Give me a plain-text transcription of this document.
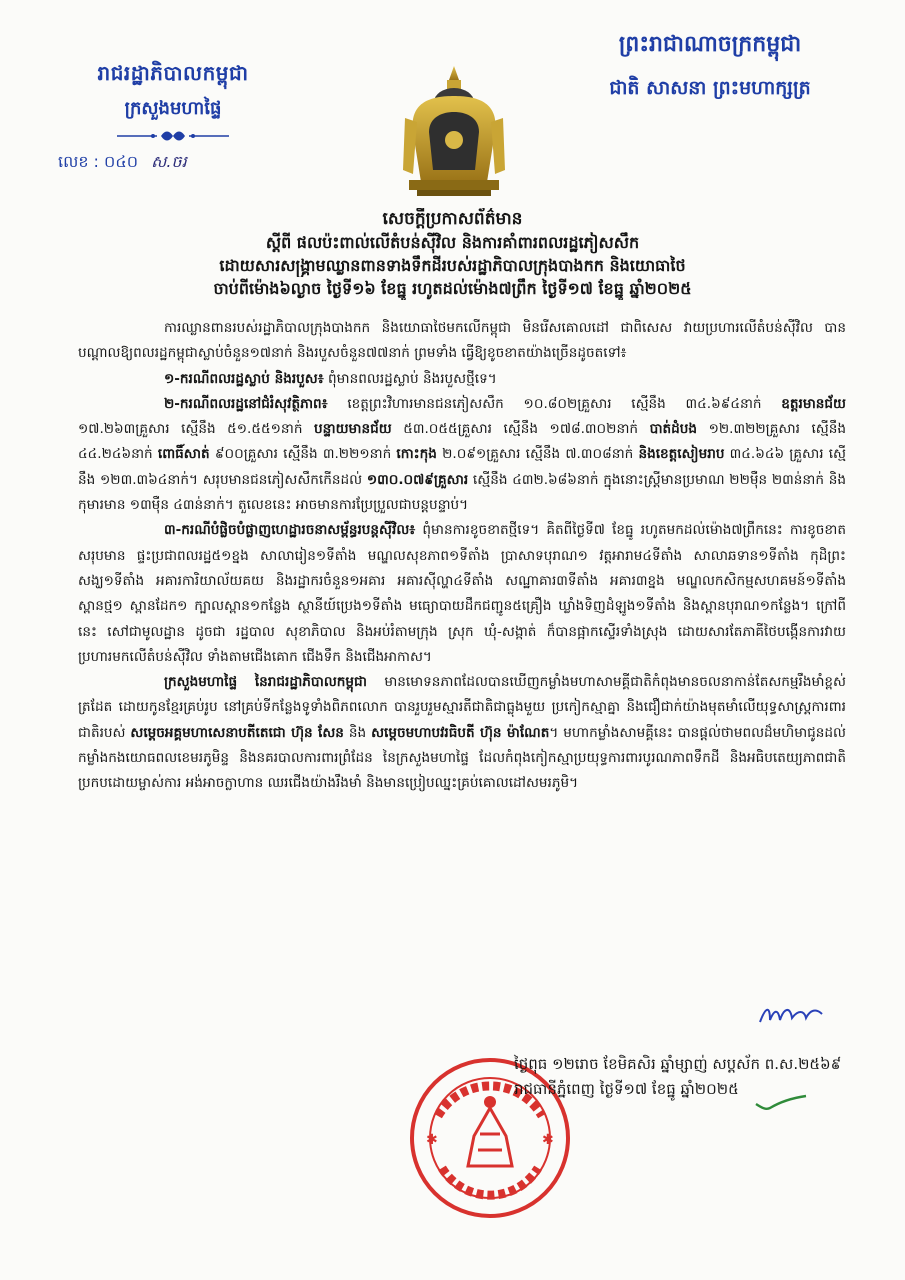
រាជរដ្ឋាភិបាលកម្ពុជា
ក្រសួងមហាផ្ទៃ
លេខ : ០៤០ ស.ចរ
ព្រះរាជាណាចក្រកម្ពុជា
ជាតិ សាសនា ព្រះមហាក្សត្រ
សេចក្ដីប្រកាសព័ត៌មាន
ស្ដីពី ផលប៉ះពាល់លើតំបន់ស៊ីវិល និងការគាំពារពលរដ្ឋភៀសសឹក
ដោយសារសង្គ្រាមឈ្លានពានទាងទឹកដីរបស់រដ្ឋាភិបាលក្រុងបាងកក និងយោធាថៃ
ចាប់ពីម៉ោង៦ល្ងាច ថ្ងៃទី១៦ ខែធ្នូ រហូតដល់ម៉ោង៧ព្រឹក ថ្ងៃទី១៧ ខែធ្នូ ឆ្នាំ២០២៥

ការឈ្លានពានរបស់រដ្ឋាភិបាលក្រុងបាងកក និងយោធាថៃមកលើកម្ពុជា មិនរើសគោលដៅ ជាពិសេស វាយប្រហារលើតំបន់ស៊ីវិល បានបណ្ដាលឱ្យពលរដ្ឋកម្ពុជាស្លាប់ចំនួន១៧នាក់ និងរបួសចំនួន៧៧នាក់ ព្រមទាំង ធ្វើឱ្យខូចខាតយ៉ាងច្រើនដូចតទៅ៖

១-ករណីពលរដ្ឋស្លាប់ និងរបួស៖ ពុំមានពលរដ្ឋស្លាប់ និងរបួសថ្មីទេ។

២-ករណីពលរដ្ឋនៅជំរំសុវត្ថិភាព៖ ខេត្តព្រះវិហារមានជនភៀសសឹក ១០.៨០២គ្រួសារ ស្មើនឹង ៣៤.៦៩៤នាក់ ឧត្ដរមានជ័យ ១៧.២៦៣គ្រួសារ ស្មើនឹង ៥១.៥៥១នាក់ បន្ទាយមានជ័យ ៥៣.០៥៥គ្រួសារ ស្មើនឹង ១៧៨.៣០២នាក់ បាត់ដំបង ១២.៣២២គ្រួសារ ស្មើនឹង ៤៤.២៤៦នាក់ ពោធិ៍សាត់ ៩០០គ្រួសារ ស្មើនឹង ៣.២២១នាក់ កោះកុង ២.០៩១គ្រួសារ ស្មើនឹង ៧.៣០៨នាក់ និងខេត្តសៀមរាប ៣៤.៦៤៦ គ្រួសារ ស្មើនឹង ១២៣.៣៦៤នាក់។ សរុបមានជនភៀសសឹកកើនដល់ ១៣០.០៧៩គ្រួសារ ស្មើនឹង ៤៣២.៦៨៦នាក់ ក្នុងនោះស្ត្រីមានប្រមាណ ២២ម៉ឺន ២៣ន់នាក់ និងកុមារមាន ១៣ម៉ឺន ៤៣ន់នាក់។ តួលេខនេះ អាចមានការប្រែប្រួលជាបន្តបន្ទាប់។

៣-ករណីបំផ្លិចបំផ្លាញហេដ្ឋារចនាសម្ព័ន្ធរបន្តស៊ីវិល៖ ពុំមានការខូចខាតថ្មីទេ។ គិតពីថ្ងៃទី៧ ខែធ្នូ រហូតមកដល់ម៉ោង៧ព្រឹកនេះ ការខូចខាតសរុបមាន ផ្ទះប្រជាពលរដ្ឋ៥១ខ្នង សាលារៀន១ទីតាំង មណ្ឌលសុខភាព១ទីតាំង ប្រាសាទបុរាណ១ វត្តអារាម៤ទីតាំង សាលាឆទាន១ទីតាំង កុដិព្រះសង្ឃ១ទីតាំង អគារការិយាល័យគយ និងរដ្ឋាករចំនួន១អគារ អគារស៊ីល្ហា៤ទីតាំង សណ្ឋាគារ៣ទីតាំង អគារ៣ខ្នង មណ្ឌលកសិកម្មសហគមន៍១ទីតាំង ស្ពានថ្ម១ ស្ពានដែក១ ក្បាលស្ពាន១កន្លែង ស្ថានីយ៍ប្រេង១ទីតាំង មធ្យោបាយដឹកជញ្ជូន៥គ្រឿង ឃ្លាំងទិញដំឡូង១ទីតាំង និងស្ពានបុរាណ១កន្លែង។ ក្រៅពីនេះ សៅជាមូលដ្ឋាន ដូចជា រដ្ឋបាល សុខាភិបាល និងអប់រំតាមក្រុង ស្រុក ឃុំ-សង្កាត់ ក៏បានផ្អាកស្ទើរទាំងស្រុង ដោយសារតែភាគីថៃបង្កើនការវាយប្រហារមកលើតំបន់ស៊ីវិល ទាំងតាមជើងគោក ជើងទឹក និងជើងអាកាស។

ក្រសួងមហាផ្ទៃ នៃរាជរដ្ឋាភិបាលកម្ពុជា មានមោទនភាពដែលបានឃើញកម្លាំងមហាសាមគ្គីជាតិកំពុងមានចលនាកាន់តែសកម្មរឹងមាំខ្ពស់ត្រដែត ដោយកូនខ្មែរគ្រប់រូប នៅគ្រប់ទីកន្លែងទូទាំងពិភពលោក បានរួបរួមស្មារតីជាតិជាធ្លុងមួយ ប្រកៀកស្មាគ្នា និងជឿជាក់យ៉ាងមុតមាំលើយុទ្ធសាស្ត្រការពារជាតិរបស់ សម្ដេចអគ្គមហាសេនាបតីតេជោ ហ៊ុន សែន និង សម្ដេចមហាបវរធិបតី ហ៊ុន ម៉ាណែត។ មហាកម្លាំងសាមគ្គីនេះ បានផ្ដល់ថាមពលដ៏មហិមាជូនដល់កម្លាំងកងយោធពលខេមរភូមិន្ទ និងនគរបាលការពារព្រំដែន នៃក្រសួងមហាផ្ទៃ ដែលកំពុងកៀកស្មាប្រយុទ្ធការពារបូរណភាពទឹកដី និងអធិបតេយ្យភាពជាតិ ប្រកបដោយម្ចាស់ការ អង់អាចក្លាហាន ឈរជើងយ៉ាងរឹងមាំ និងមានប្រៀបឈ្នះគ្រប់គោលដៅសមរភូមិ។

✱	✱
ថ្ងៃពុធ ១២រោច ខែមិគសិរ ឆ្នាំម្សាញ់ សប្តស័ក ព.ស.២៥៦៩
រាជធានីភ្នំពេញ ថ្ងៃទី១៧ ខែធ្នូ ឆ្នាំ២០២៥
